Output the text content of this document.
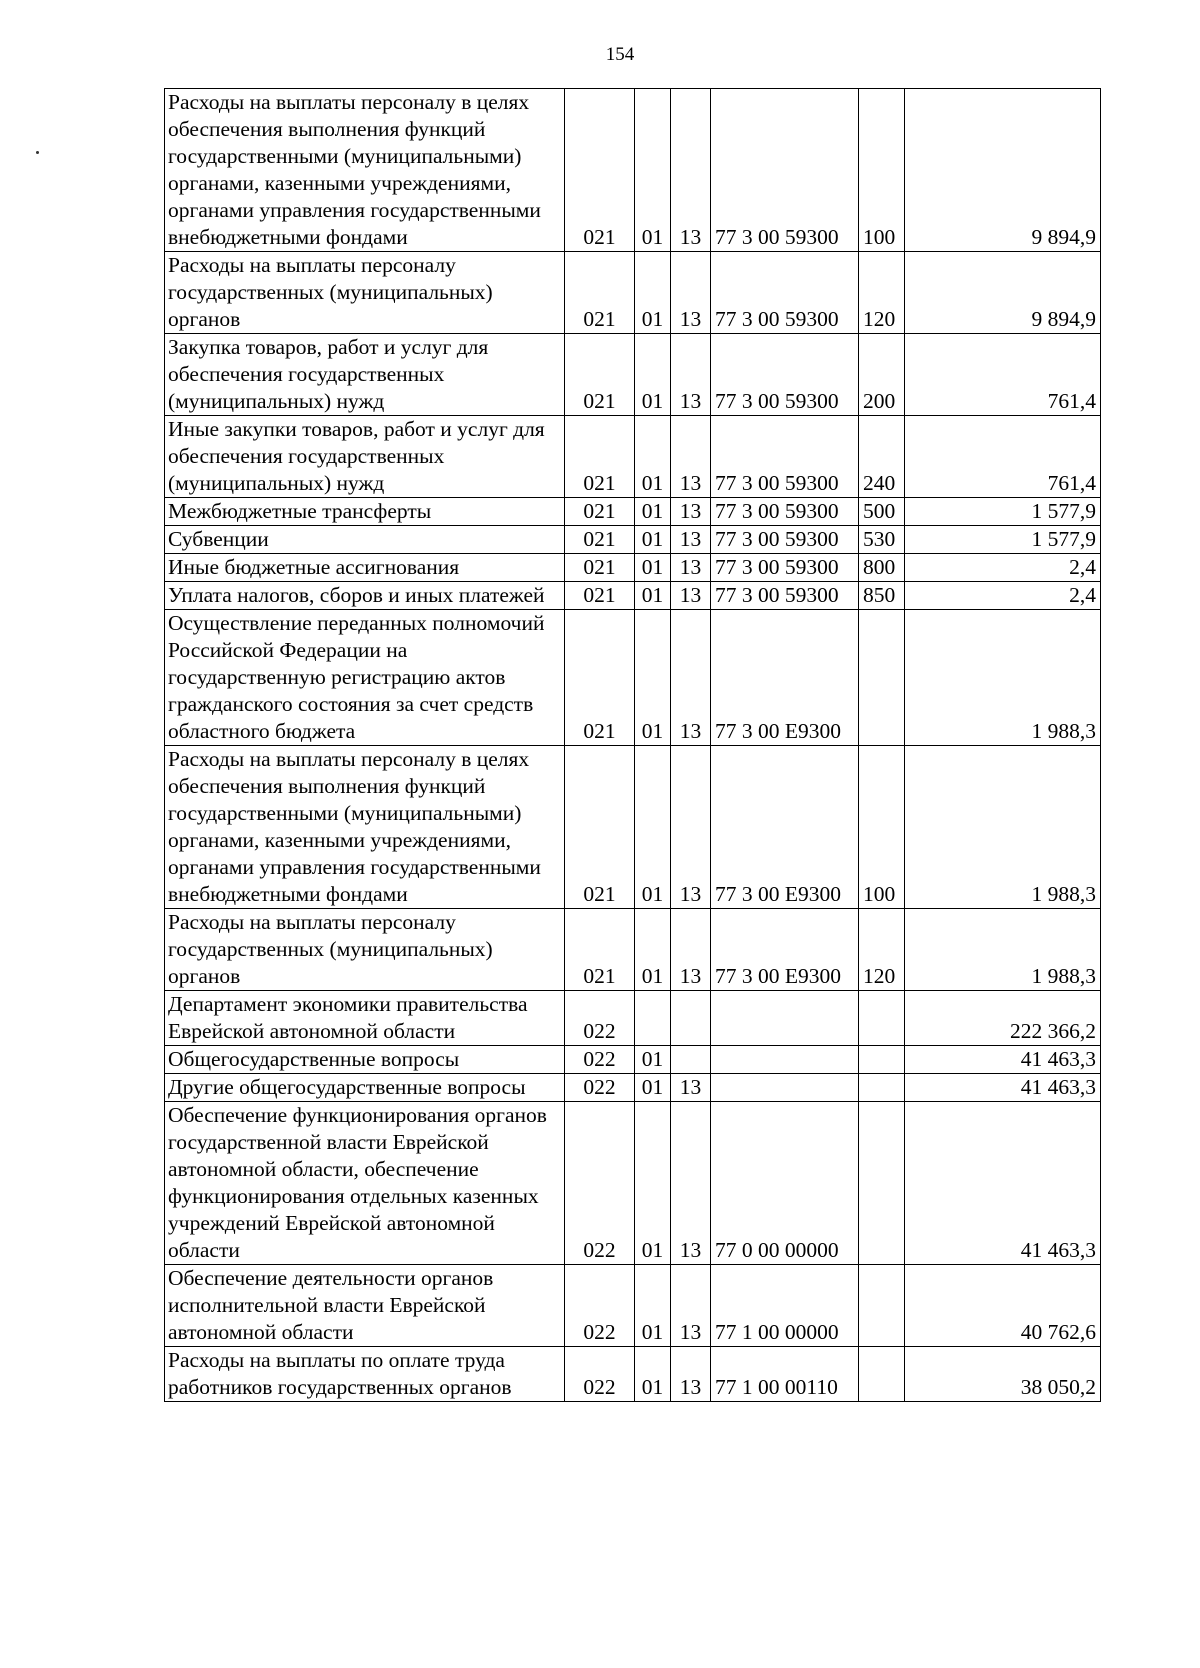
154
Расходы на выплаты персоналу в целях обеспечения выполнения функций государственными (муниципальными) органами, казенными учреждениями, органами управления государственными внебюджетными фондами	021	01	13	77 3 00 59300	100	9 894,9
Расходы на выплаты персоналу государственных (муниципальных) органов	021	01	13	77 3 00 59300	120	9 894,9
Закупка товаров, работ и услуг для обеспечения государственных (муниципальных) нужд	021	01	13	77 3 00 59300	200	761,4
Иные закупки товаров, работ и услуг для обеспечения государственных (муниципальных) нужд	021	01	13	77 3 00 59300	240	761,4
Межбюджетные трансферты	021	01	13	77 3 00 59300	500	1 577,9
Субвенции	021	01	13	77 3 00 59300	530	1 577,9
Иные бюджетные ассигнования	021	01	13	77 3 00 59300	800	2,4
Уплата налогов, сборов и иных платежей	021	01	13	77 3 00 59300	850	2,4
Осуществление переданных полномочий Российской Федерации на государственную регистрацию актов гражданского состояния за счет средств областного бюджета	021	01	13	77 3 00 E9300		1 988,3
Расходы на выплаты персоналу в целях обеспечения выполнения функций государственными (муниципальными) органами, казенными учреждениями, органами управления государственными внебюджетными фондами	021	01	13	77 3 00 E9300	100	1 988,3
Расходы на выплаты персоналу государственных (муниципальных) органов	021	01	13	77 3 00 E9300	120	1 988,3
Департамент экономики правительства Еврейской автономной области	022					222 366,2
Общегосударственные вопросы	022	01				41 463,3
Другие общегосударственные вопросы	022	01	13			41 463,3
Обеспечение функционирования органов государственной власти Еврейской автономной области, обеспечение функционирования отдельных казенных учреждений Еврейской автономной области	022	01	13	77 0 00 00000		41 463,3
Обеспечение деятельности органов исполнительной власти Еврейской автономной области	022	01	13	77 1 00 00000		40 762,6
Расходы на выплаты по оплате труда работников государственных органов	022	01	13	77 1 00 00110		38 050,2
